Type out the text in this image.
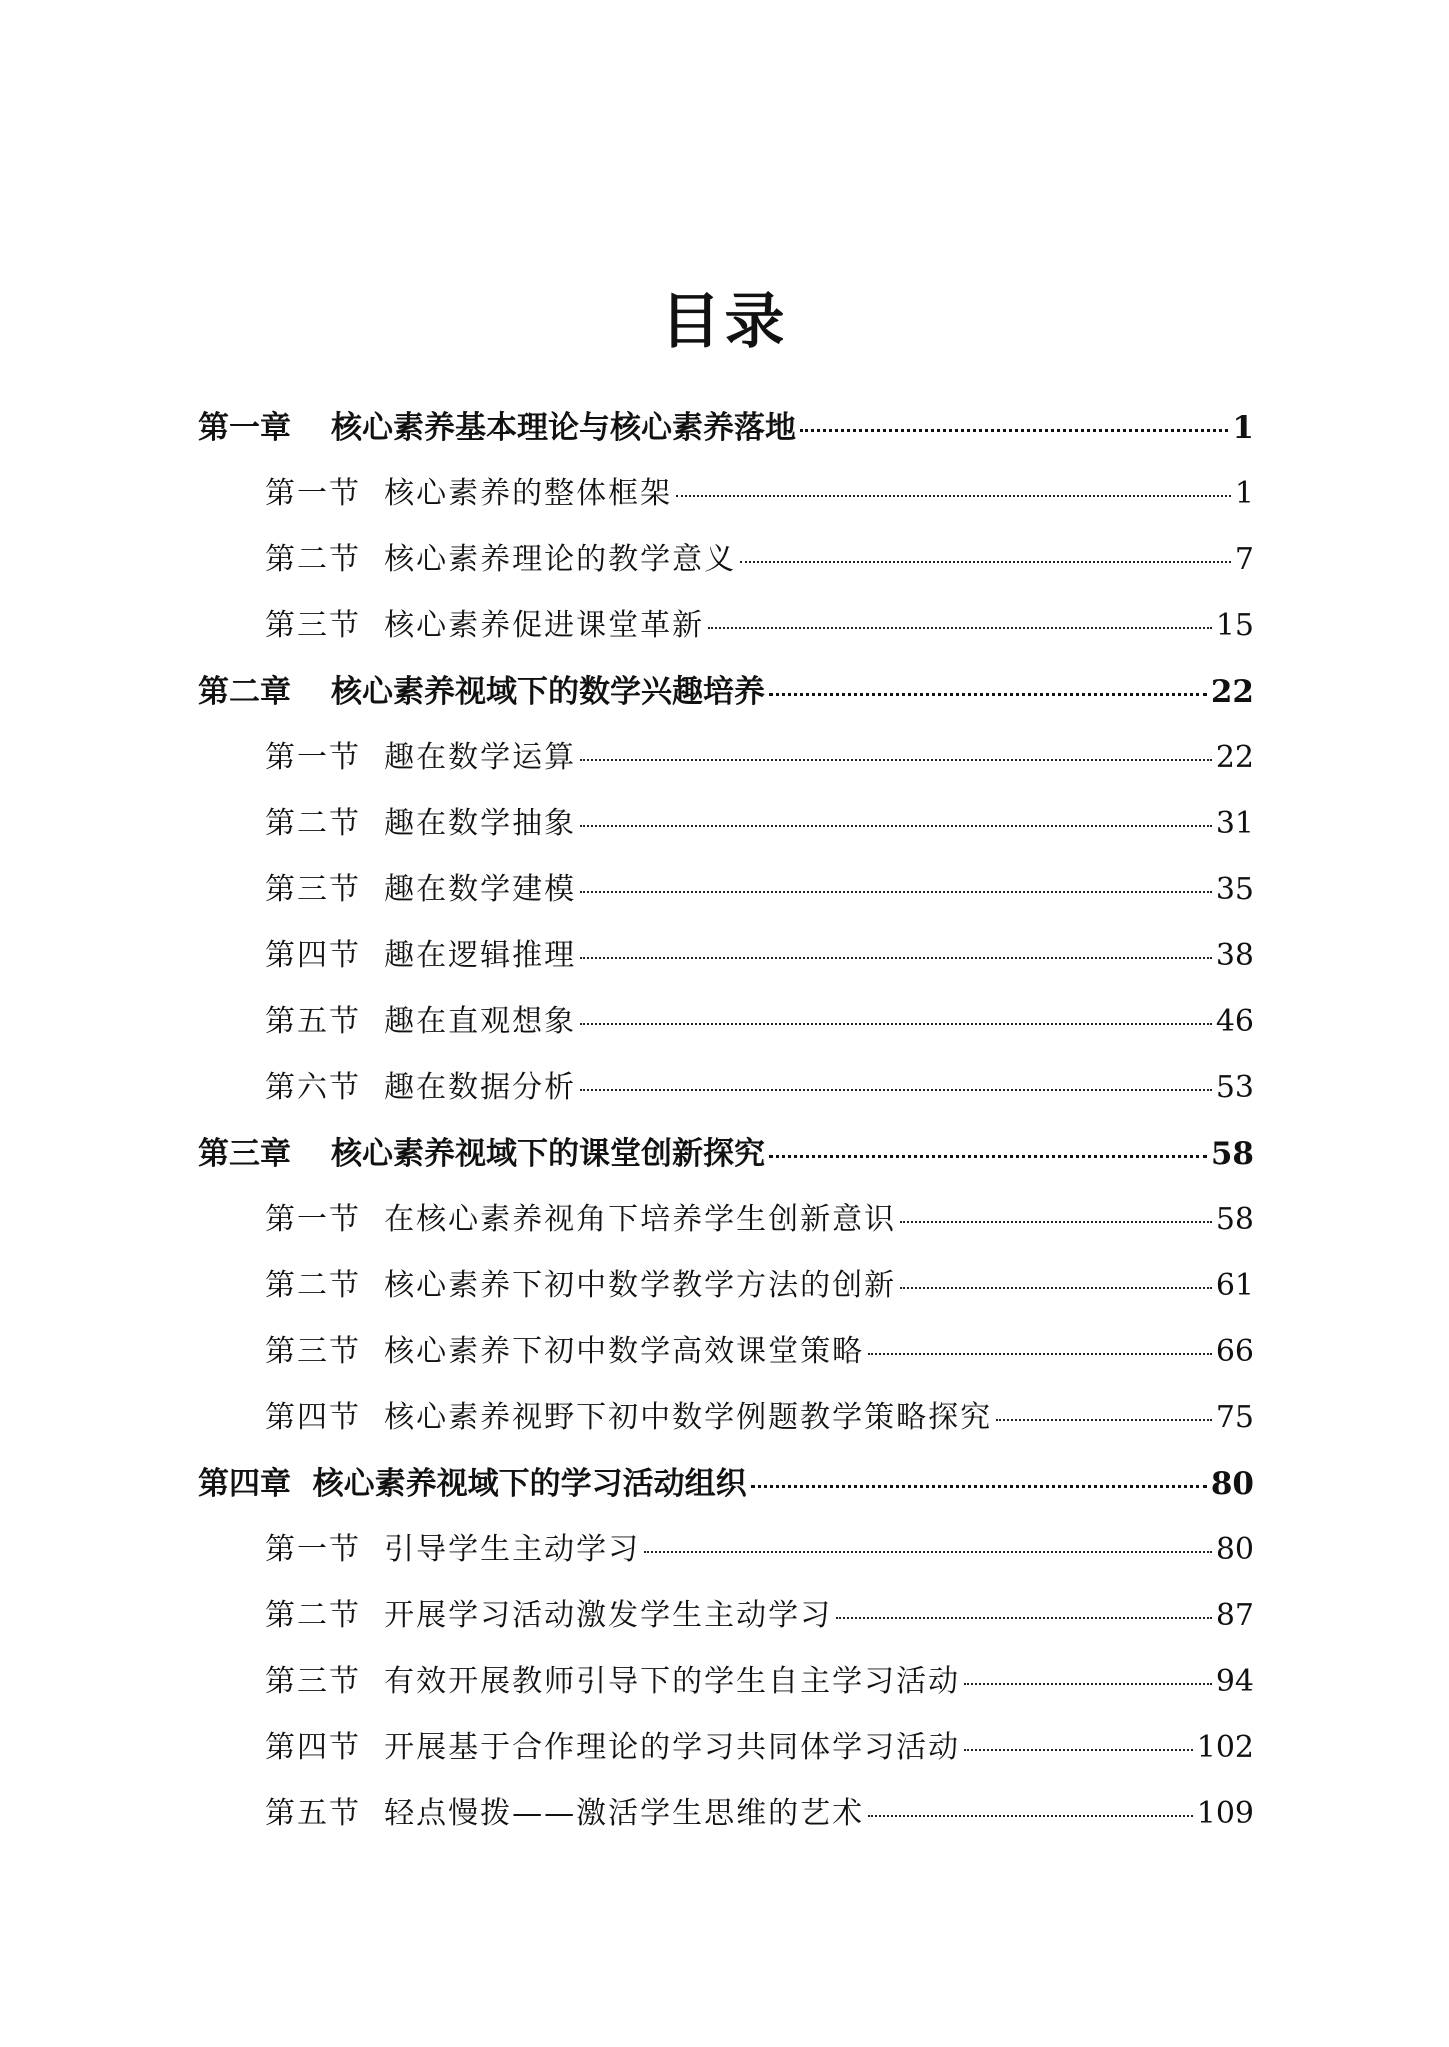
目录
第一章 核心素养基本理论与核心素养落地	1
第一节 核心素养的整体框架	1
第二节 核心素养理论的教学意义	7
第三节 核心素养促进课堂革新	15
第二章 核心素养视域下的数学兴趣培养	22
第一节 趣在数学运算	22
第二节 趣在数学抽象	31
第三节 趣在数学建模	35
第四节 趣在逻辑推理	38
第五节 趣在直观想象	46
第六节 趣在数据分析	53
第三章 核心素养视域下的课堂创新探究	58
第一节 在核心素养视角下培养学生创新意识	58
第二节 核心素养下初中数学教学方法的创新	61
第三节 核心素养下初中数学高效课堂策略	66
第四节 核心素养视野下初中数学例题教学策略探究	75
第四章 核心素养视域下的学习活动组织	80
第一节 引导学生主动学习	80
第二节 开展学习活动激发学生主动学习	87
第三节 有效开展教师引导下的学生自主学习活动	94
第四节 开展基于合作理论的学习共同体学习活动	102
第五节 轻点慢拨——激活学生思维的艺术	109
